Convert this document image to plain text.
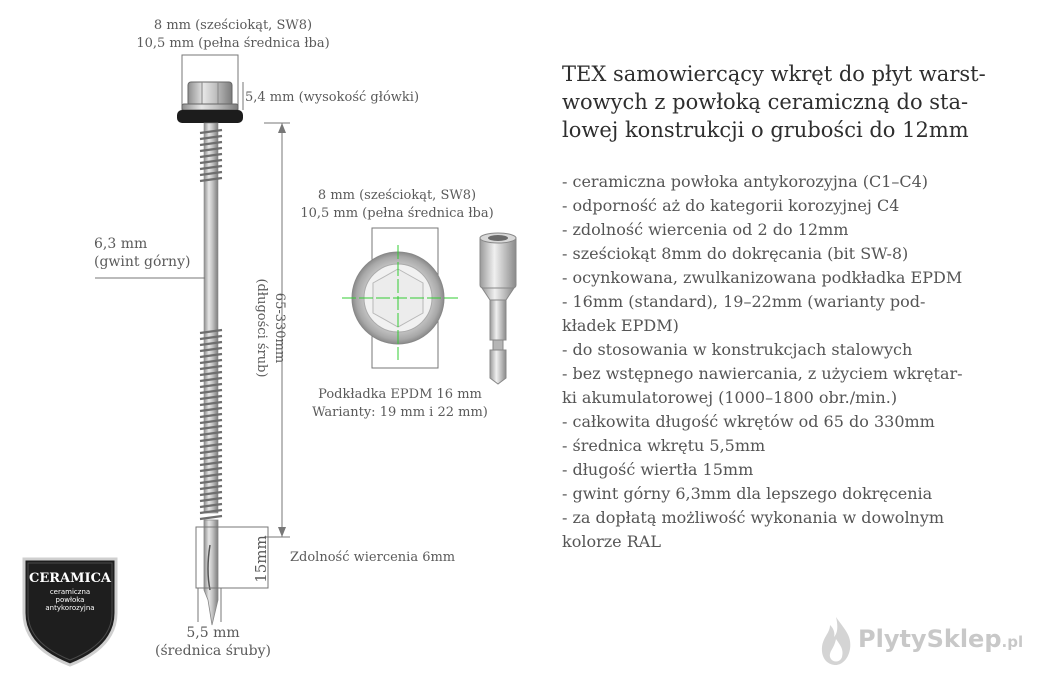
8 mm (sześciokąt, SW8)
10,5 mm (pełna średnica łba)
5,4 mm (wysokość główki)
6,3 mm
(gwint górny)
65-330mm
(długości śrub)
15mm Zdolność wiercenia 6mm
5,5 mm
(średnica śruby)
8 mm (sześciokąt, SW8)
10,5 mm (pełna średnica łba)
Podkładka EPDM 16 mm
Warianty: 19 mm i 22 mm)
CERAMICA
ceramiczna
powłoka
antykorozyjna
TEX samowiercący wkręt do płyt warst-
wowych z powłoką ceramiczną do sta-
lowej konstrukcji o grubości do 12mm
- ceramiczna powłoka antykorozyjna (C1–C4)
- odporność aż do kategorii korozyjnej C4
- zdolność wiercenia od 2 do 12mm
- sześciokąt 8mm do dokręcania (bit SW-8)
- ocynkowana, zwulkanizowana podkładka EPDM
- 16mm (standard), 19–22mm (warianty pod-
kładek EPDM)
- do stosowania w konstrukcjach stalowych
- bez wstępnego nawiercania, z użyciem wkrętar-
ki akumulatorowej (1000–1800 obr./min.)
- całkowita długość wkrętów od 65 do 330mm
- średnica wkrętu 5,5mm
- długość wiertła 15mm
- gwint górny 6,3mm dla lepszego dokręcenia
- za dopłatą możliwość wykonania w dowolnym
kolorze RAL
PlytySklep.pl
